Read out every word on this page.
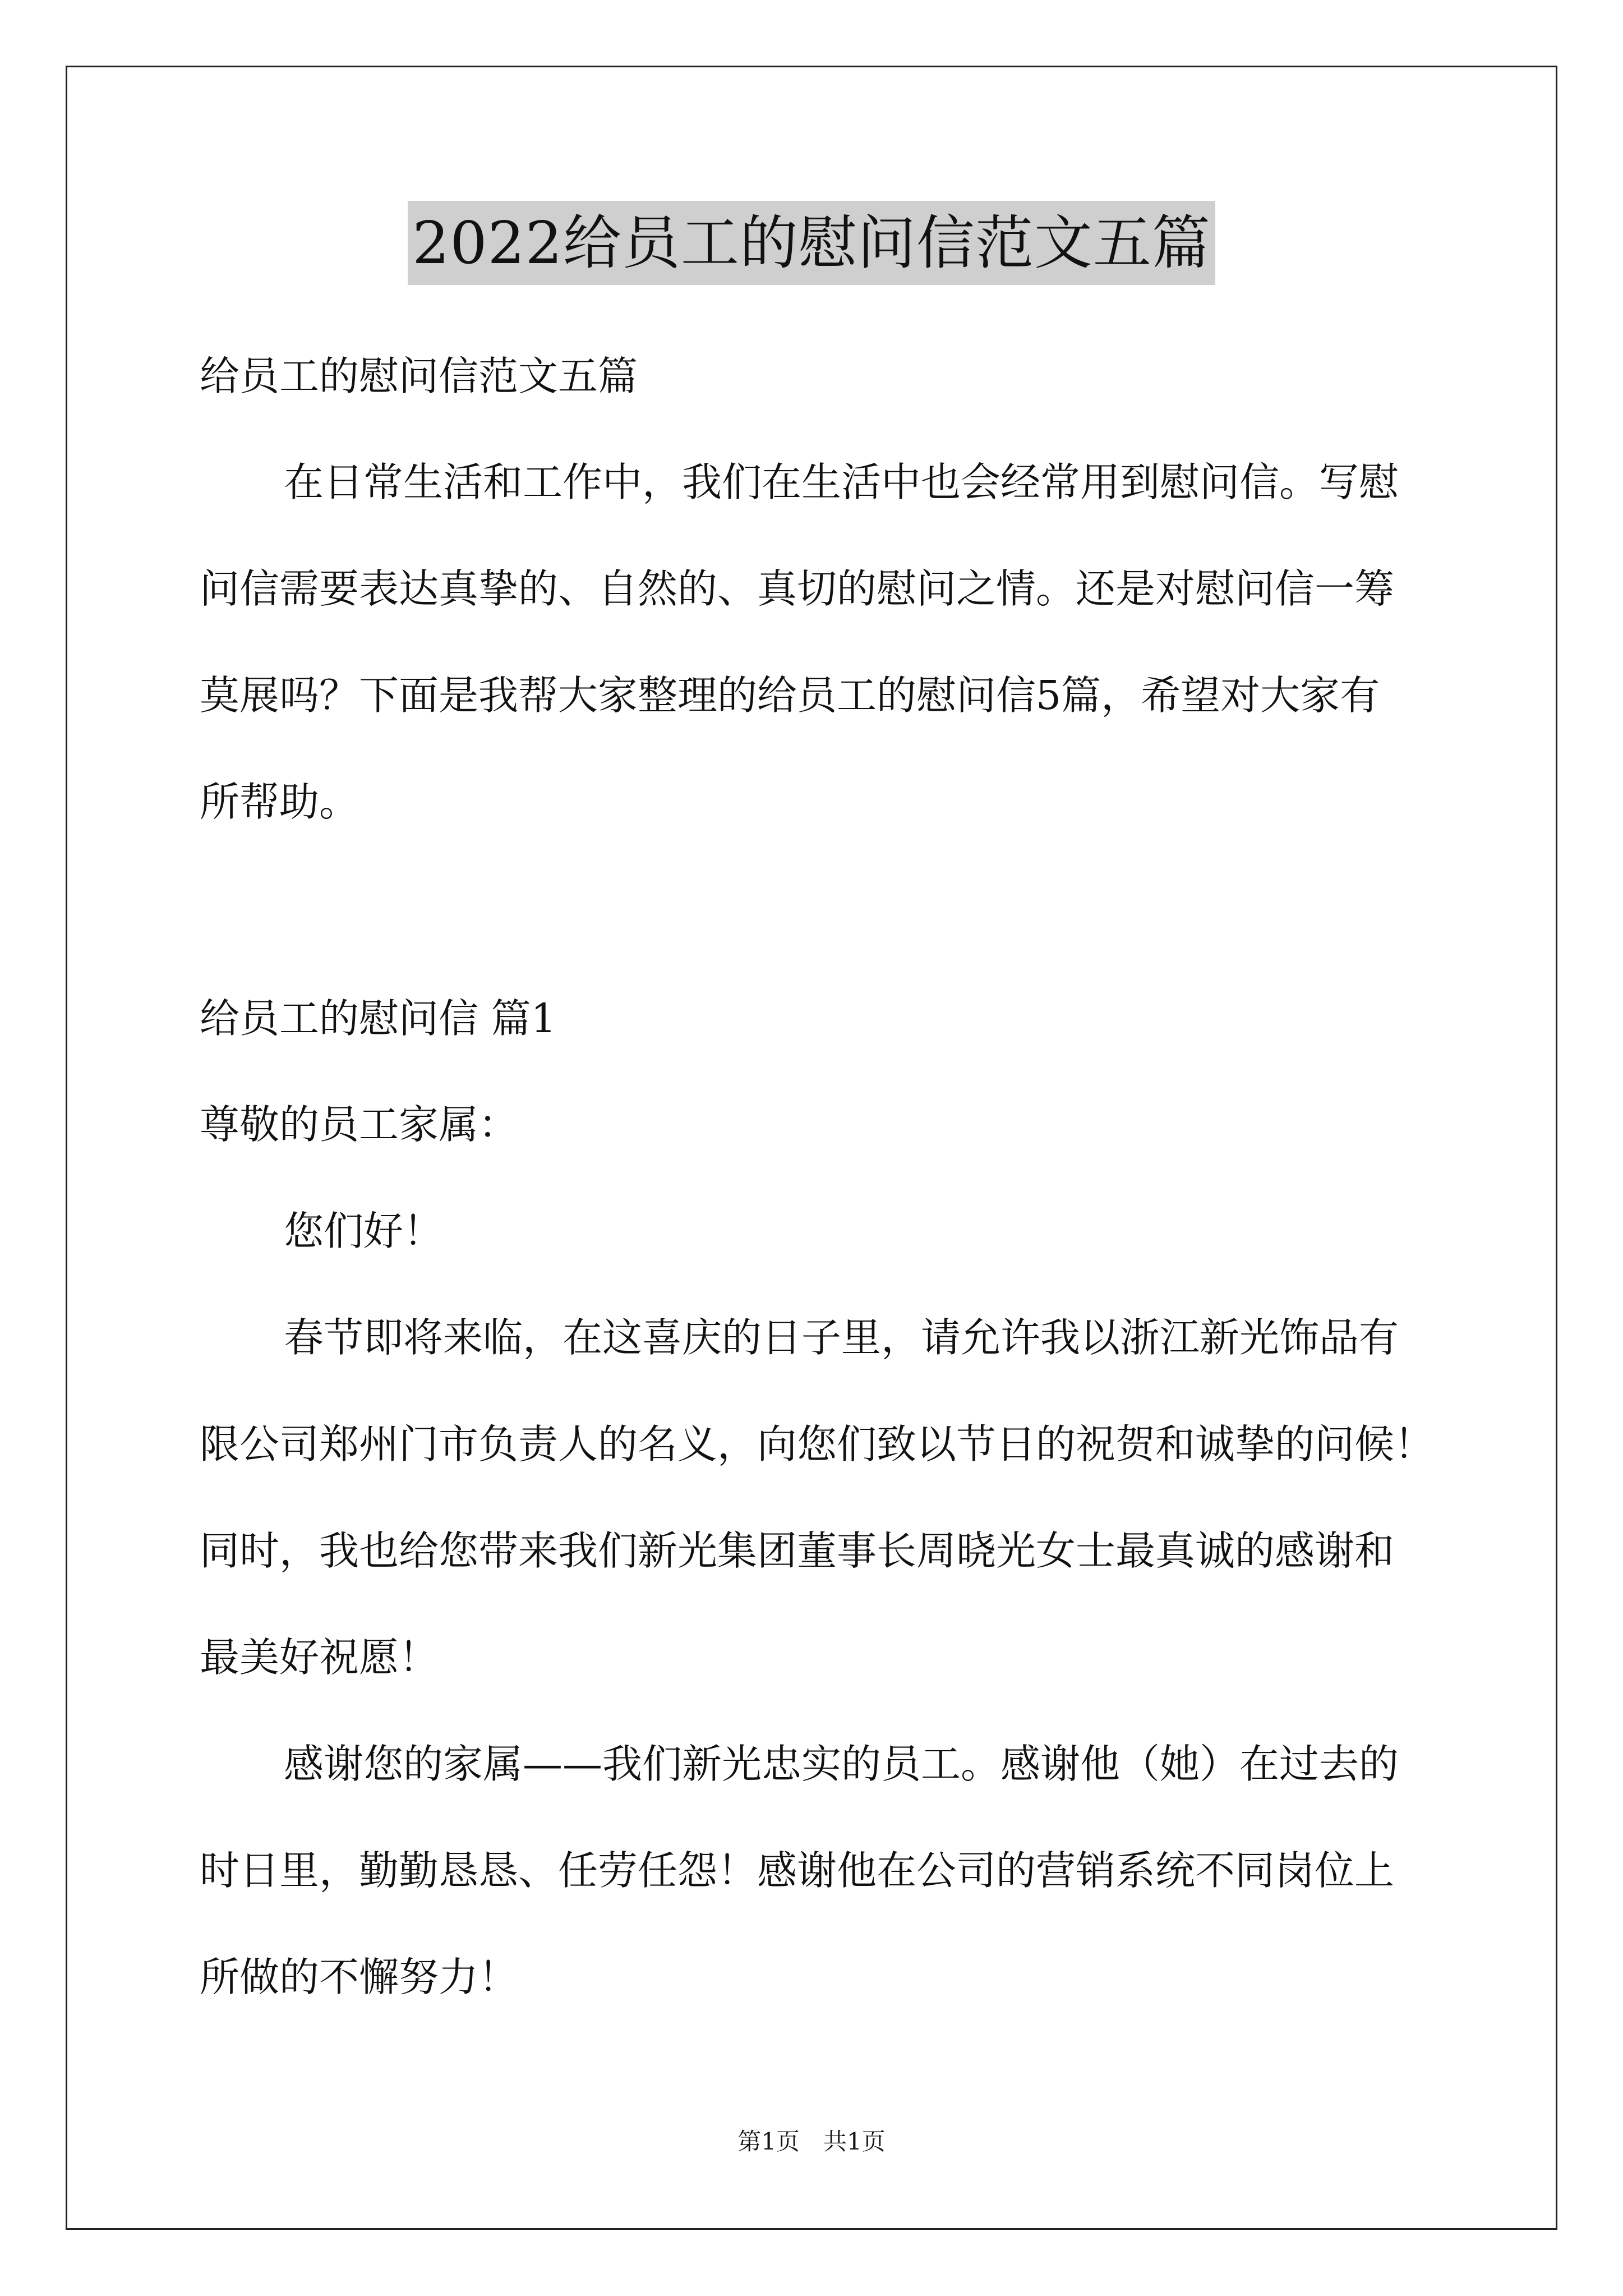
2022给员工的慰问信范文五篇
给员工的慰问信范文五篇
在日常生活和工作中，我们在生活中也会经常用到慰问信。写慰
问信需要表达真挚的、自然的、真切的慰问之情。还是对慰问信一筹
莫展吗？下面是我帮大家整理的给员工的慰问信5篇，希望对大家有
所帮助。
给员工的慰问信 篇1
尊敬的员工家属：
您们好！
春节即将来临，在这喜庆的日子里，请允许我以浙江新光饰品有
限公司郑州门市负责人的名义，向您们致以节日的祝贺和诚挚的问候！
同时，我也给您带来我们新光集团董事长周晓光女士最真诚的感谢和
最美好祝愿！
感谢您的家属——我们新光忠实的员工。感谢他（她）在过去的
时日里，勤勤恳恳、任劳任怨！感谢他在公司的营销系统不同岗位上
所做的不懈努力！
第1页　共1页
